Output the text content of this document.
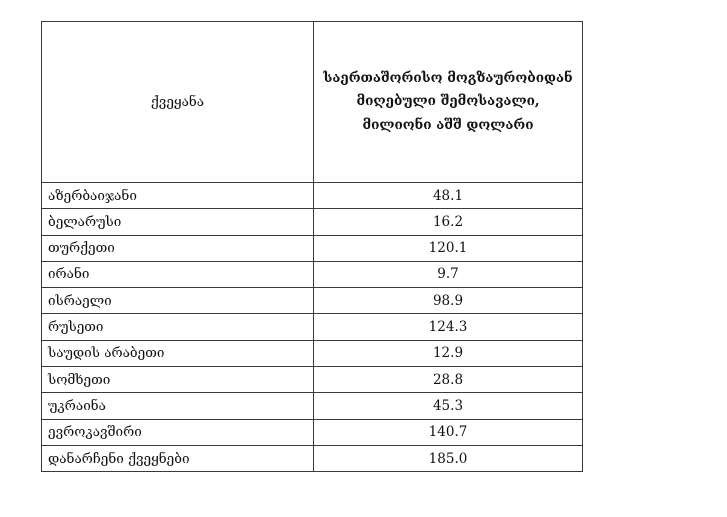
ქვეყანა	საერთაშორისო მოგზაურობიდან
მიღებული შემოსავალი,
მილიონი აშშ დოლარი

აზერბაიჯანი	48.1
ბელარუსი	16.2
თურქეთი	120.1
ირანი	9.7
ისრაელი	98.9
რუსეთი	124.3
საუდის არაბეთი	12.9
სომხეთი	28.8
უკრაინა	45.3
ევროკავშირი	140.7
დანარჩენი ქვეყნები	185.0
